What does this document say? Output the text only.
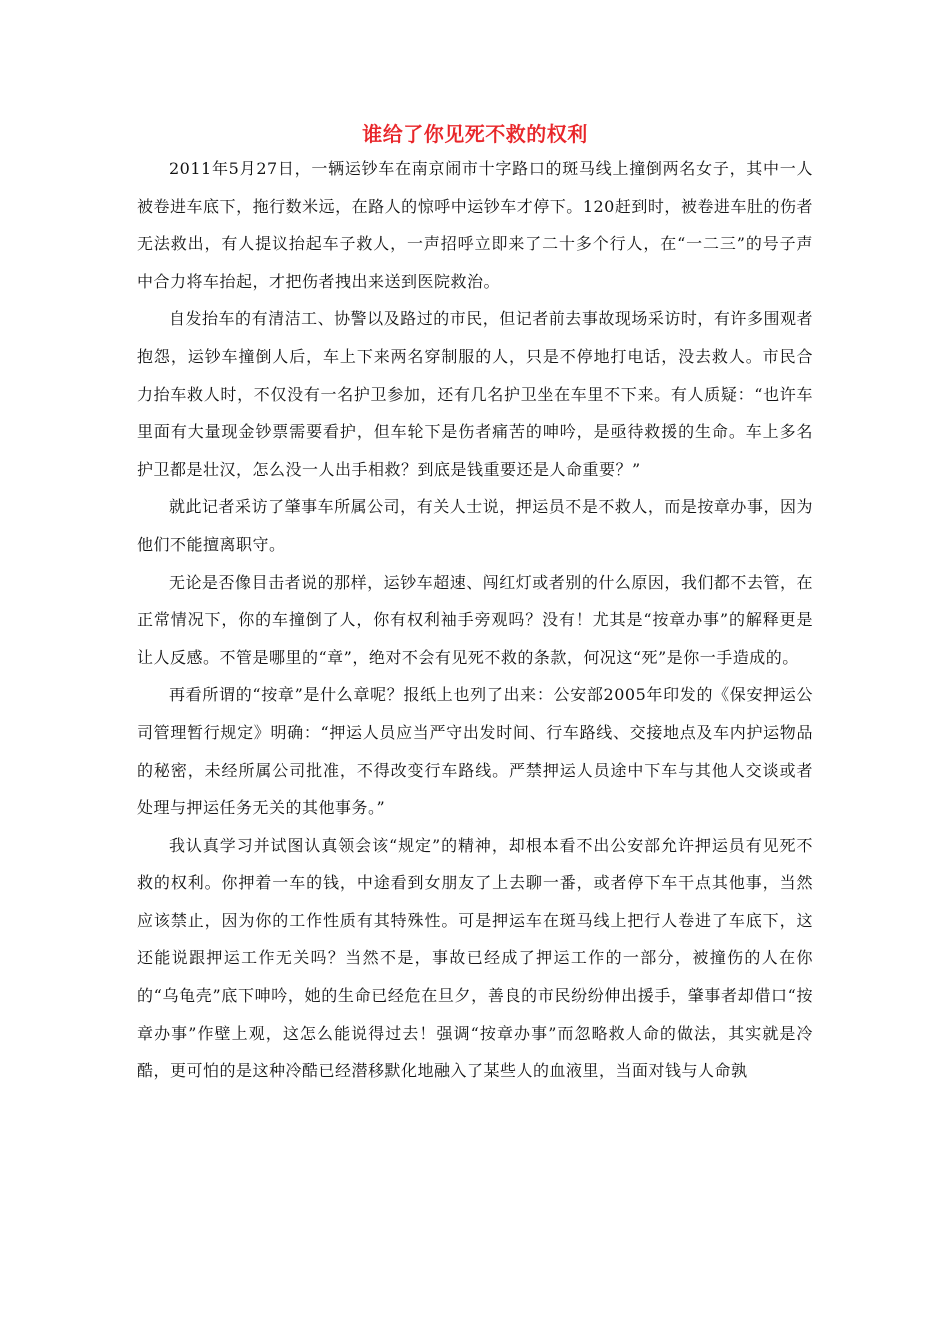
谁给了你见死不救的权利

2011年5月27日，一辆运钞车在南京闹市十字路口的斑马线上撞倒两名女子，其中一人被卷进车底下，拖行数米远，在路人的惊呼中运钞车才停下。120赶到时，被卷进车肚的伤者无法救出，有人提议抬起车子救人，一声招呼立即来了二十多个行人，在“一二三”的号子声中合力将车抬起，才把伤者拽出来送到医院救治。

自发抬车的有清洁工、协警以及路过的市民，但记者前去事故现场采访时，有许多围观者抱怨，运钞车撞倒人后，车上下来两名穿制服的人，只是不停地打电话，没去救人。市民合力抬车救人时，不仅没有一名护卫参加，还有几名护卫坐在车里不下来。有人质疑：“也许车里面有大量现金钞票需要看护，但车轮下是伤者痛苦的呻吟，是亟待救援的生命。车上多名护卫都是壮汉，怎么没一人出手相救？到底是钱重要还是人命重要？”

就此记者采访了肇事车所属公司，有关人士说，押运员不是不救人，而是按章办事，因为他们不能擅离职守。

无论是否像目击者说的那样，运钞车超速、闯红灯或者别的什么原因，我们都不去管，在正常情况下，你的车撞倒了人，你有权利袖手旁观吗？没有！尤其是“按章办事”的解释更是让人反感。不管是哪里的“章”，绝对不会有见死不救的条款，何况这“死”是你一手造成的。

再看所谓的“按章”是什么章呢？报纸上也列了出来：公安部2005年印发的《保安押运公司管理暂行规定》明确：“押运人员应当严守出发时间、行车路线、交接地点及车内护运物品的秘密，未经所属公司批准，不得改变行车路线。严禁押运人员途中下车与其他人交谈或者处理与押运任务无关的其他事务。”

我认真学习并试图认真领会该“规定”的精神，却根本看不出公安部允许押运员有见死不救的权利。你押着一车的钱，中途看到女朋友了上去聊一番，或者停下车干点其他事，当然应该禁止，因为你的工作性质有其特殊性。可是押运车在斑马线上把行人卷进了车底下，这还能说跟押运工作无关吗？当然不是，事故已经成了押运工作的一部分，被撞伤的人在你的“乌龟壳”底下呻吟，她的生命已经危在旦夕，善良的市民纷纷伸出援手，肇事者却借口“按章办事”作壁上观，这怎么能说得过去！强调“按章办事”而忽略救人命的做法，其实就是冷酷，更可怕的是这种冷酷已经潜移默化地融入了某些人的血液里，当面对钱与人命孰
